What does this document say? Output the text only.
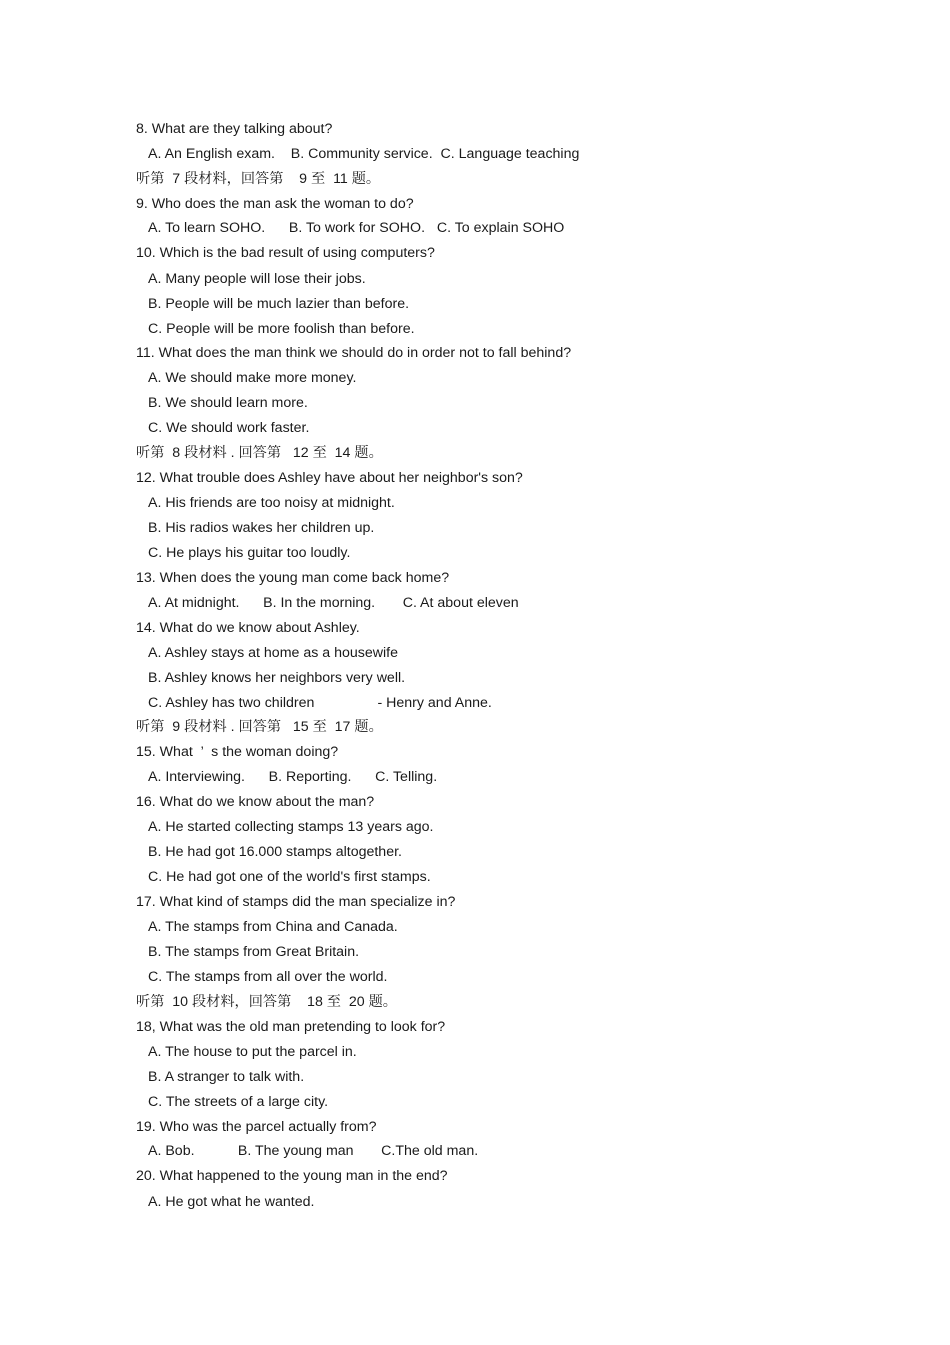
8. What are they talking about?
A. An English exam.    B. Community service.  C. Language teaching
听第  7 段材料，回答第    9 至  11 题。
9. Who does the man ask the woman to do?
A. To learn SOHO.      B. To work for SOHO.   C. To explain SOHO
10. Which is the bad result of using computers?
A. Many people will lose their jobs.
B. People will be much lazier than before.
C. People will be more foolish than before.
11. What does the man think we should do in order not to fall behind?
A. We should make more money.
B. We should learn more.
C. We should work faster.
听第  8 段材料 . 回答第   12 至  14 题。
12. What trouble does Ashley have about her neighbor's son?
A. His friends are too noisy at midnight.
B. His radios wakes her children up.
C. He plays his guitar too loudly.
13. When does the young man come back home?
A. At midnight.      B. In the morning.       C. At about eleven
14. What do we know about Ashley.
A. Ashley stays at home as a housewife
B. Ashley knows her neighbors very well.
C. Ashley has two children                - Henry and Anne.
听第  9 段材料 . 回答第   15 至  17 题。
15. What  ’  s the woman doing?
A. Interviewing.      B. Reporting.      C. Telling.
16. What do we know about the man?
A. He started collecting stamps 13 years ago.
B. He had got 16.000 stamps altogether.
C. He had got one of the world's first stamps.
17. What kind of stamps did the man specialize in?
A. The stamps from China and Canada.
B. The stamps from Great Britain.
C. The stamps from all over the world.
听第  10 段材料，回答第    18 至  20 题。
18, What was the old man pretending to look for?
A. The house to put the parcel in.
B. A stranger to talk with.
C. The streets of a large city.
19. Who was the parcel actually from?
A. Bob.           B. The young man       C.The old man.
20. What happened to the young man in the end?
A. He got what he wanted.
